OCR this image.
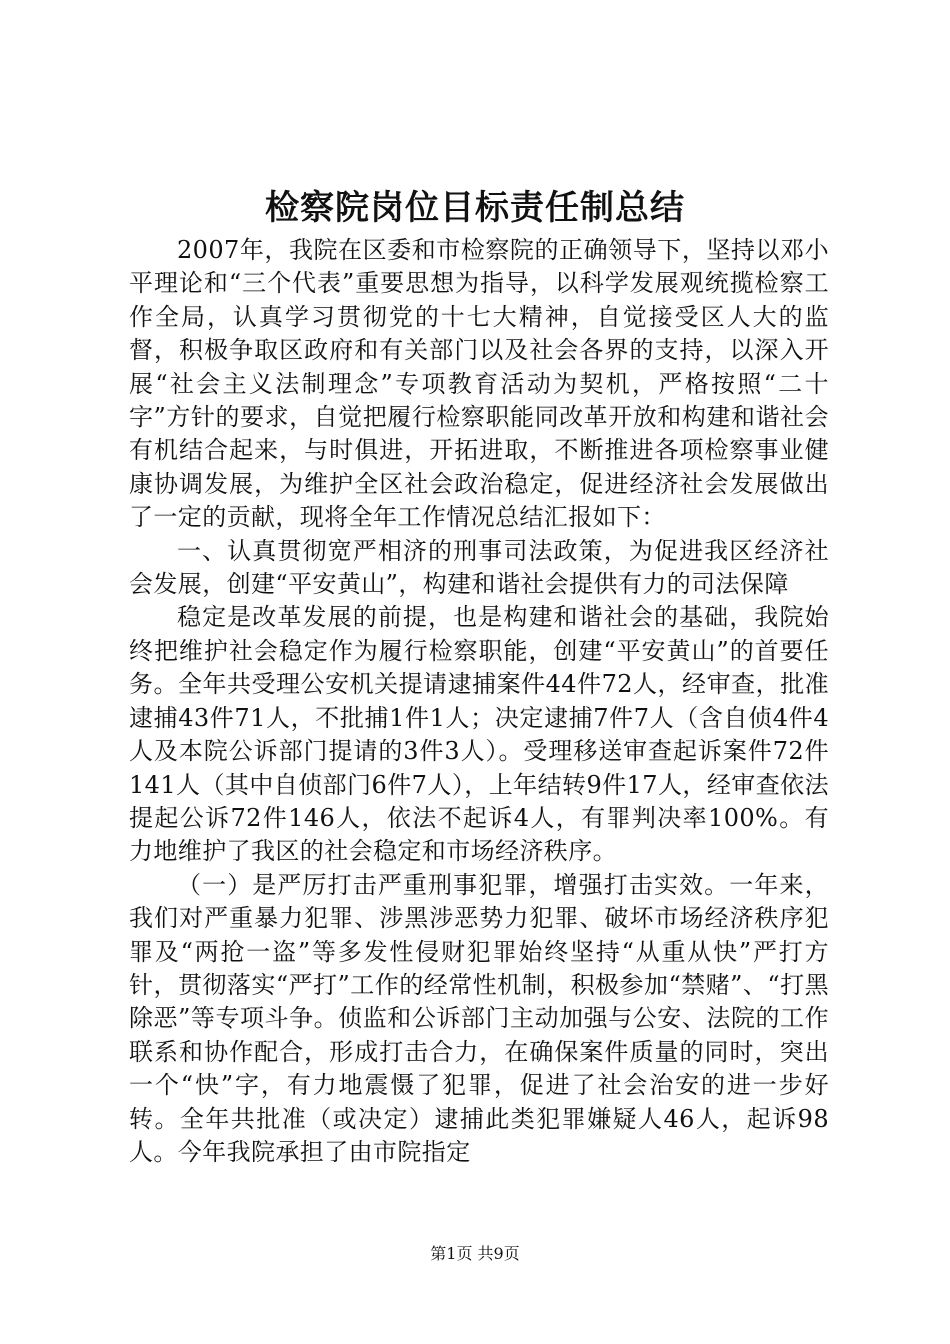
检察院岗位目标责任制总结

2007年，我院在区委和市检察院的正确领导下，坚持以邓小平理论和“三个代表”重要思想为指导，以科学发展观统揽检察工作全局，认真学习贯彻党的十七大精神，自觉接受区人大的监督，积极争取区政府和有关部门以及社会各界的支持，以深入开展“社会主义法制理念”专项教育活动为契机，严格按照“二十字”方针的要求，自觉把履行检察职能同改革开放和构建和谐社会有机结合起来，与时俱进，开拓进取，不断推进各项检察事业健康协调发展，为维护全区社会政治稳定，促进经济社会发展做出了一定的贡献，现将全年工作情况总结汇报如下：

一、认真贯彻宽严相济的刑事司法政策，为促进我区经济社会发展，创建“平安黄山”，构建和谐社会提供有力的司法保障

稳定是改革发展的前提，也是构建和谐社会的基础，我院始终把维护社会稳定作为履行检察职能，创建“平安黄山”的首要任务。全年共受理公安机关提请逮捕案件44件72人，经审查，批准逮捕43件71人，不批捕1件1人；决定逮捕7件7人（含自侦4件4人及本院公诉部门提请的3件3人）。受理移送审查起诉案件72件141人（其中自侦部门6件7人），上年结转9件17人，经审查依法提起公诉72件146人，依法不起诉4人，有罪判决率100%。有力地维护了我区的社会稳定和市场经济秩序。

（一）是严厉打击严重刑事犯罪，增强打击实效。一年来，我们对严重暴力犯罪、涉黑涉恶势力犯罪、破坏市场经济秩序犯罪及“两抢一盗”等多发性侵财犯罪始终坚持“从重从快”严打方针，贯彻落实“严打”工作的经常性机制，积极参加“禁赌”、“打黑除恶”等专项斗争。侦监和公诉部门主动加强与公安、法院的工作联系和协作配合，形成打击合力，在确保案件质量的同时，突出一个“快”字，有力地震慑了犯罪，促进了社会治安的进一步好转。全年共批准（或决定）逮捕此类犯罪嫌疑人46人，起诉98人。今年我院承担了由市院指定

第1页 共9页
